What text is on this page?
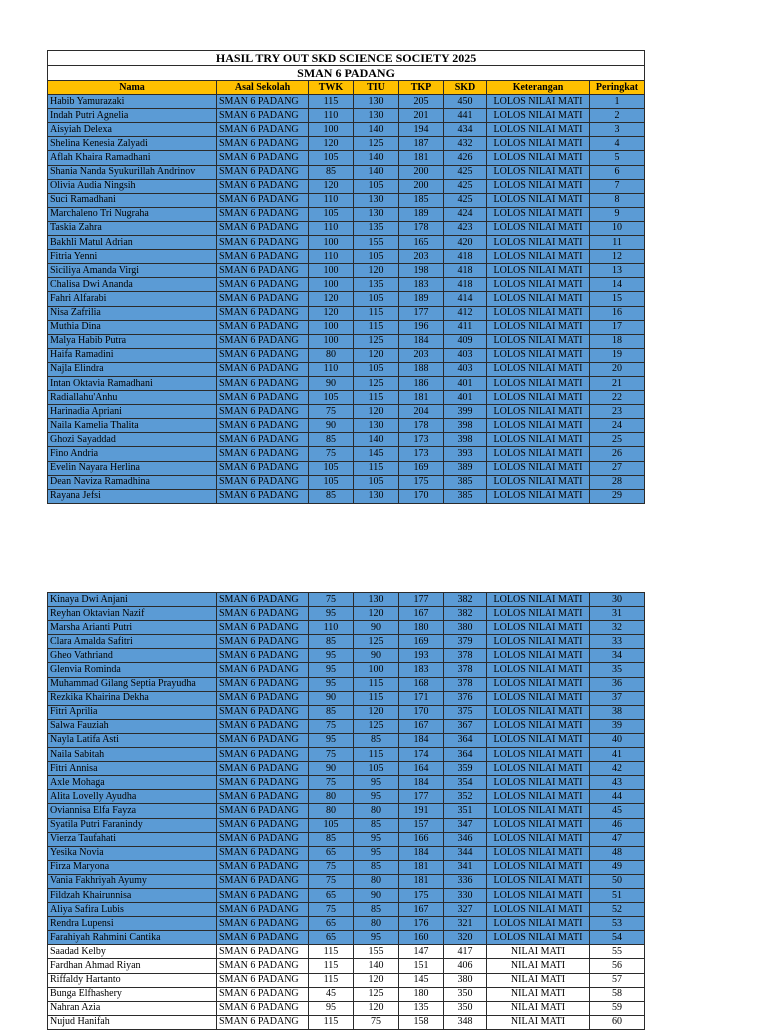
HASIL TRY OUT SKD SCIENCE SOCIETY 2025							
SMAN 6 PADANG							
Nama	Asal Sekolah	TWK	TIU	TKP	SKD	Keterangan	Peringkat
Habib Yamurazaki	SMAN 6 PADANG	115	130	205	450	LOLOS NILAI MATI	1
Indah Putri Agnelia	SMAN 6 PADANG	110	130	201	441	LOLOS NILAI MATI	2
Aisyiah Delexa	SMAN 6 PADANG	100	140	194	434	LOLOS NILAI MATI	3
Shelina Kenesia Zalyadi	SMAN 6 PADANG	120	125	187	432	LOLOS NILAI MATI	4
Aflah Khaira Ramadhani	SMAN 6 PADANG	105	140	181	426	LOLOS NILAI MATI	5
Shania Nanda Syukurillah Andrinov	SMAN 6 PADANG	85	140	200	425	LOLOS NILAI MATI	6
Olivia Audia Ningsih	SMAN 6 PADANG	120	105	200	425	LOLOS NILAI MATI	7
Suci Ramadhani	SMAN 6 PADANG	110	130	185	425	LOLOS NILAI MATI	8
Marchaleno Tri Nugraha	SMAN 6 PADANG	105	130	189	424	LOLOS NILAI MATI	9
Taskia Zahra	SMAN 6 PADANG	110	135	178	423	LOLOS NILAI MATI	10
Bakhli Matul Adrian	SMAN 6 PADANG	100	155	165	420	LOLOS NILAI MATI	11
Fitria Yenni	SMAN 6 PADANG	110	105	203	418	LOLOS NILAI MATI	12
Siciliya Amanda Virgi	SMAN 6 PADANG	100	120	198	418	LOLOS NILAI MATI	13
Chalisa Dwi Ananda	SMAN 6 PADANG	100	135	183	418	LOLOS NILAI MATI	14
Fahri Alfarabi	SMAN 6 PADANG	120	105	189	414	LOLOS NILAI MATI	15
Nisa Zafrilia	SMAN 6 PADANG	120	115	177	412	LOLOS NILAI MATI	16
Muthia Dina	SMAN 6 PADANG	100	115	196	411	LOLOS NILAI MATI	17
Malya Habib Putra	SMAN 6 PADANG	100	125	184	409	LOLOS NILAI MATI	18
Haifa Ramadini	SMAN 6 PADANG	80	120	203	403	LOLOS NILAI MATI	19
Najla Elindra	SMAN 6 PADANG	110	105	188	403	LOLOS NILAI MATI	20
Intan Oktavia Ramadhani	SMAN 6 PADANG	90	125	186	401	LOLOS NILAI MATI	21
Radiallahu'Anhu	SMAN 6 PADANG	105	115	181	401	LOLOS NILAI MATI	22
Harinadia Apriani	SMAN 6 PADANG	75	120	204	399	LOLOS NILAI MATI	23
Naila Kamelia Thalita	SMAN 6 PADANG	90	130	178	398	LOLOS NILAI MATI	24
Ghozi Sayaddad	SMAN 6 PADANG	85	140	173	398	LOLOS NILAI MATI	25
Fino Andria	SMAN 6 PADANG	75	145	173	393	LOLOS NILAI MATI	26
Evelin Nayara Herlina	SMAN 6 PADANG	105	115	169	389	LOLOS NILAI MATI	27
Dean Naviza Ramadhina	SMAN 6 PADANG	105	105	175	385	LOLOS NILAI MATI	28
Rayana Jefsi	SMAN 6 PADANG	85	130	170	385	LOLOS NILAI MATI	29
Kinaya Dwi Anjani	SMAN 6 PADANG	75	130	177	382	LOLOS NILAI MATI	30
Reyhan Oktavian Nazif	SMAN 6 PADANG	95	120	167	382	LOLOS NILAI MATI	31
Marsha Arianti Putri	SMAN 6 PADANG	110	90	180	380	LOLOS NILAI MATI	32
Clara Amalda Safitri	SMAN 6 PADANG	85	125	169	379	LOLOS NILAI MATI	33
Gheo Vathriand	SMAN 6 PADANG	95	90	193	378	LOLOS NILAI MATI	34
Glenvia Rominda	SMAN 6 PADANG	95	100	183	378	LOLOS NILAI MATI	35
Muhammad Gilang Septia Prayudha	SMAN 6 PADANG	95	115	168	378	LOLOS NILAI MATI	36
Rezkika Khairina Dekha	SMAN 6 PADANG	90	115	171	376	LOLOS NILAI MATI	37
Fitri Aprilia	SMAN 6 PADANG	85	120	170	375	LOLOS NILAI MATI	38
Salwa Fauziah	SMAN 6 PADANG	75	125	167	367	LOLOS NILAI MATI	39
Nayla Latifa Asti	SMAN 6 PADANG	95	85	184	364	LOLOS NILAI MATI	40
Naila Sabitah	SMAN 6 PADANG	75	115	174	364	LOLOS NILAI MATI	41
Fitri Annisa	SMAN 6 PADANG	90	105	164	359	LOLOS NILAI MATI	42
Axle Mohaga	SMAN 6 PADANG	75	95	184	354	LOLOS NILAI MATI	43
Alita Lovelly Ayudha	SMAN 6 PADANG	80	95	177	352	LOLOS NILAI MATI	44
Oviannisa Elfa Fayza	SMAN 6 PADANG	80	80	191	351	LOLOS NILAI MATI	45
Syatila Putri Faranindy	SMAN 6 PADANG	105	85	157	347	LOLOS NILAI MATI	46
Vierza Taufahati	SMAN 6 PADANG	85	95	166	346	LOLOS NILAI MATI	47
Yesika Novia	SMAN 6 PADANG	65	95	184	344	LOLOS NILAI MATI	48
Firza Maryona	SMAN 6 PADANG	75	85	181	341	LOLOS NILAI MATI	49
Vania Fakhriyah Ayumy	SMAN 6 PADANG	75	80	181	336	LOLOS NILAI MATI	50
Fildzah Khairunnisa	SMAN 6 PADANG	65	90	175	330	LOLOS NILAI MATI	51
Aliya Safira Lubis	SMAN 6 PADANG	75	85	167	327	LOLOS NILAI MATI	52
Rendra Lupensi	SMAN 6 PADANG	65	80	176	321	LOLOS NILAI MATI	53
Farahiyah Rahmini Cantika	SMAN 6 PADANG	65	95	160	320	LOLOS NILAI MATI	54
Saadad Kelby	SMAN 6 PADANG	115	155	147	417	NILAI MATI	55
Fardhan Ahmad Riyan	SMAN 6 PADANG	115	140	151	406	NILAI MATI	56
Riffaldy Hartanto	SMAN 6 PADANG	115	120	145	380	NILAI MATI	57
Bunga Elfhashery	SMAN 6 PADANG	45	125	180	350	NILAI MATI	58
Nahran Azia	SMAN 6 PADANG	95	120	135	350	NILAI MATI	59
Nujud Hanifah	SMAN 6 PADANG	115	75	158	348	NILAI MATI	60
